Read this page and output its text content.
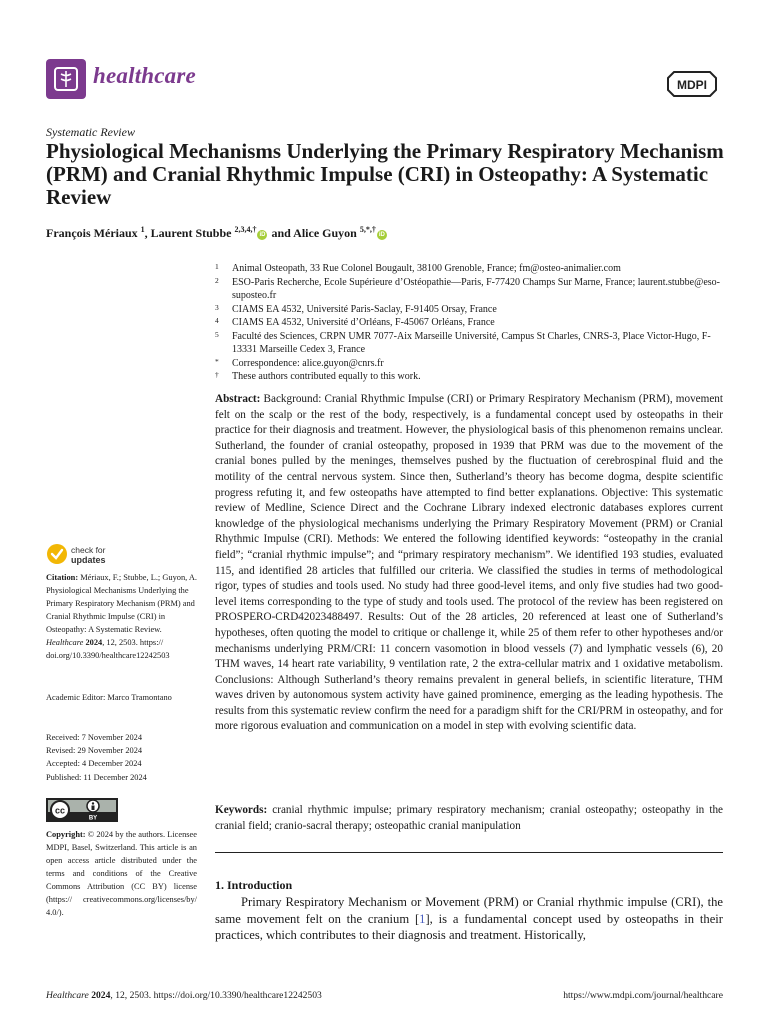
healthcare	MDPI
Systematic Review
Physiological Mechanisms Underlying the Primary Respiratory Mechanism (PRM) and Cranial Rhythmic Impulse (CRI) in Osteopathy: A Systematic Review
François Mériaux $^1$, Laurent Stubbe $^{2,3,4,\dagger}$iD and Alice Guyon $^{5,*,\dagger}$iD
1	Animal Osteopath, 33 Rue Colonel Bougault, 38100 Grenoble, France; fm@osteo-animalier.com
2	ESO-Paris Recherche, Ecole Supérieure d’Ostéopathie—Paris, F-77420 Champs Sur Marne, France; laurent.stubbe@eso-suposteo.fr
3	CIAMS EA 4532, Université Paris-Saclay, F-91405 Orsay, France
4	CIAMS EA 4532, Université d’Orléans, F-45067 Orléans, France
5	Faculté des Sciences, CRPN UMR 7077-Aix Marseille Université, Campus St Charles, CNRS-3, Place Victor-Hugo, F-13331 Marseille Cedex 3, France
*	Correspondence: alice.guyon@cnrs.fr
†	These authors contributed equally to this work.
Abstract: Background: Cranial Rhythmic Impulse (CRI) or Primary Respiratory Mechanism (PRM), movement felt on the scalp or the rest of the body, respectively, is a fundamental concept used by osteopaths in their practice for their diagnosis and treatment. However, the physiological basis of this phenomenon remains unclear. Sutherland, the founder of cranial osteopathy, proposed in 1939 that PRM was due to the movement of the cranial bones pulled by the meninges, themselves pushed by the fluctuation of cerebrospinal fluid and the motility of the central nervous system. Since then, Sutherland’s theory has become dogma, despite scientific progress refuting it, and few osteopaths have attempted to find better explanations. Objective: This systematic review of Medline, Science Direct and the Cochrane Library indexed electronic databases explores current knowledge of the physiological mechanisms underlying the Primary Respiratory Movement (PRM) or Cranial Rhythmic Impulse (CRI). Methods: We entered the following identified keywords: “osteopathy in the cranial field”; “cranial rhythmic impulse”; and “primary respiratory mechanism”. We identified 193 studies, evaluated 115, and identified 28 articles that fulfilled our criteria. We classified the studies in terms of methodological rigor, types of studies and tools used. No study had three good-level items, and only five studies had two good-level items corresponding to the type of study and tools used. The protocol of the review has been registered on PROSPERO-CRD42023488497. Results: Out of the 28 articles, 20 referenced at least one of Sutherland’s hypotheses, often quoting the model to critique or challenge it, while 25 of them refer to other hypotheses and/or mechanisms underlying PRM/CRI: 11 concern vasomotion in blood vessels (7) and lymphatic vessels (6), 20 THM waves, 14 heart rate variability, 9 ventilation rate, 2 the extra-cellular matrix and 1 oxidative metabolism. Conclusions: Although Sutherland’s theory remains prevalent in general beliefs, in scientific literature, THM waves driven by autonomous system activity have gained prominence, emerging as the leading hypothesis. The results from this systematic review confirm the need for a paradigm shift for the CRI/PRM in osteopathy, and for more rigorous evaluation and communication on a model in step with evolving scientific data.
Keywords: cranial rhythmic impulse; primary respiratory mechanism; cranial osteopathy; osteopathy in the cranial field; cranio-sacral therapy; osteopathic cranial manipulation
1. Introduction
Primary Respiratory Mechanism or Movement (PRM) or Cranial rhythmic impulse (CRI), the same movement felt on the cranium [1], is a fundamental concept used by osteopaths in their practices, which contributes to their diagnosis and treatment. Historically,
check for
updates
Citation: Mériaux, F.; Stubbe, L.; Guyon, A. Physiological Mechanisms Underlying the Primary Respiratory Mechanism (PRM) and Cranial Rhythmic Impulse (CRI) in Osteopathy: A Systematic Review. Healthcare 2024, 12, 2503. https:// doi.org/10.3390/healthcare12242503
Academic Editor: Marco Tramontano
Received: 7 November 2024
Revised: 29 November 2024
Accepted: 4 December 2024
Published: 11 December 2024
cc
BY
Copyright: © 2024 by the authors. Licensee MDPI, Basel, Switzerland. This article is an open access article distributed under the terms and conditions of the Creative Commons Attribution (CC BY) license (https:// creativecommons.org/licenses/by/ 4.0/).
Healthcare 2024, 12, 2503. https://doi.org/10.3390/healthcare12242503	https://www.mdpi.com/journal/healthcare
